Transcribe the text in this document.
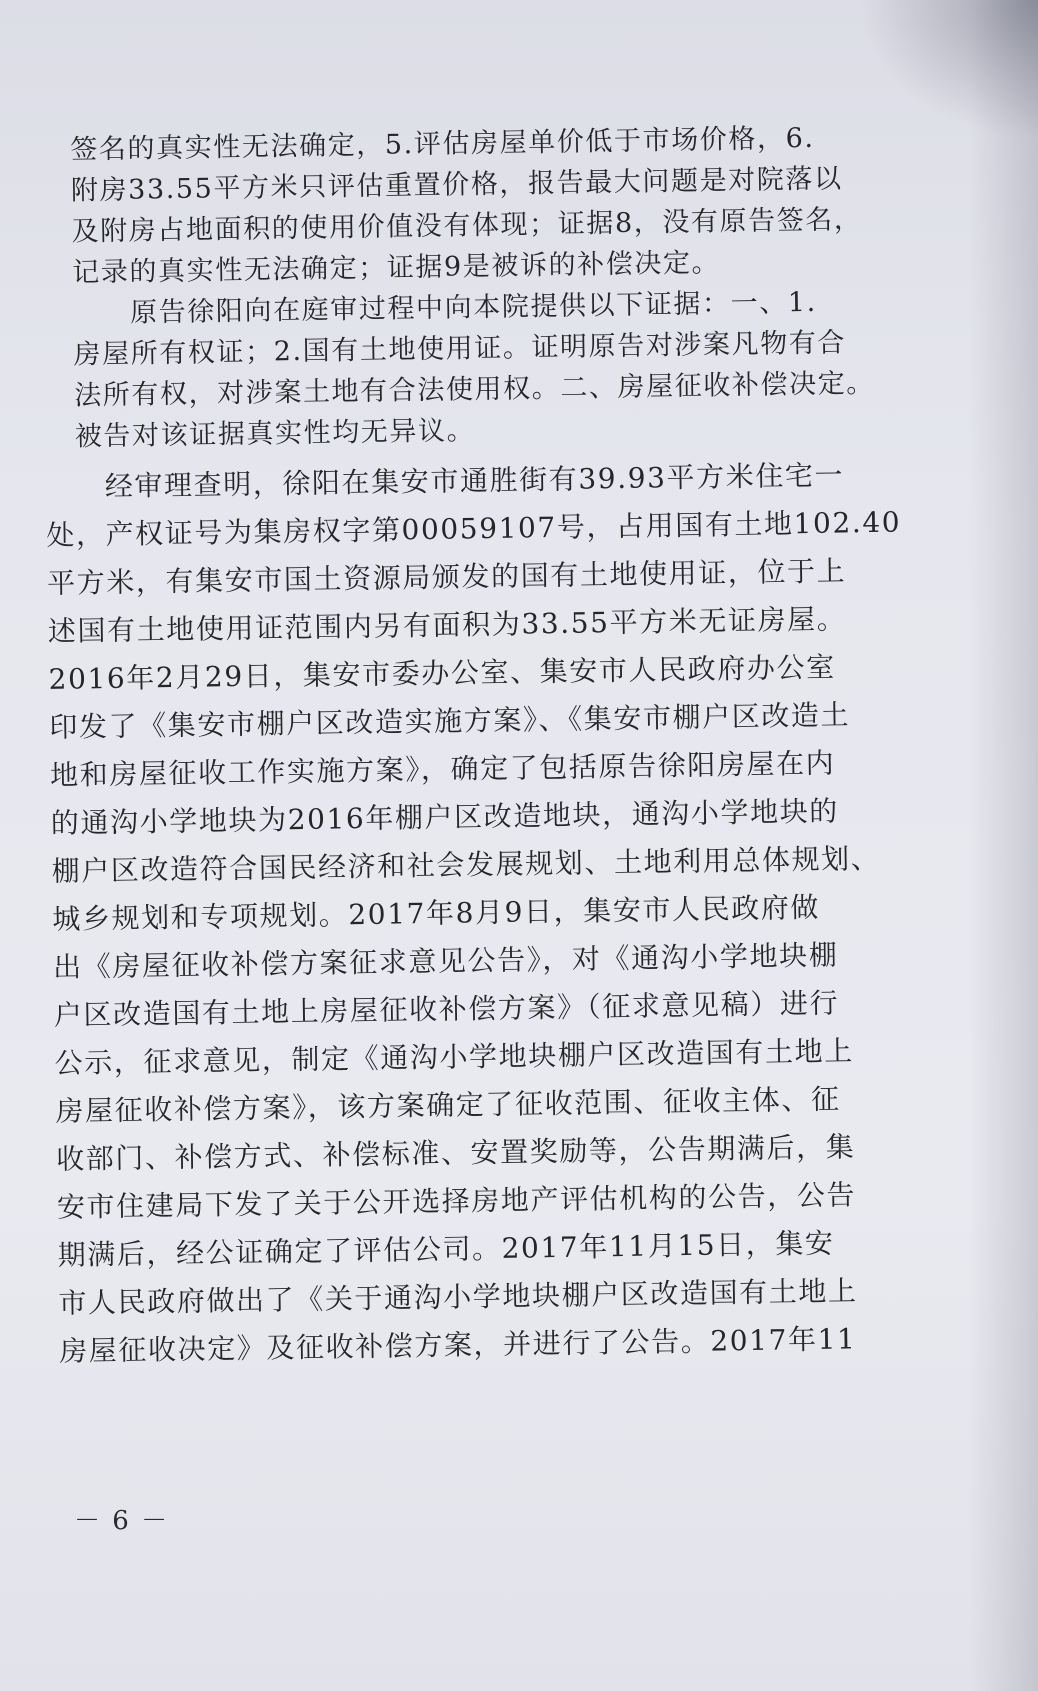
签名的真实性无法确定，5.评估房屋单价低于市场价格，6.
附房33.55平方米只评估重置价格，报告最大问题是对院落以
及附房占地面积的使用价值没有体现；证据8，没有原告签名，
记录的真实性无法确定；证据9是被诉的补偿决定。
　　原告徐阳向在庭审过程中向本院提供以下证据：一、1.
房屋所有权证；2.国有土地使用证。证明原告对涉案凡物有合
法所有权，对涉案土地有合法使用权。二、房屋征收补偿决定。
被告对该证据真实性均无异议。
　　经审理查明，徐阳在集安市通胜街有39.93平方米住宅一
处，产权证号为集房权字第00059107号，占用国有土地102.40
平方米，有集安市国土资源局颁发的国有土地使用证，位于上
述国有土地使用证范围内另有面积为33.55平方米无证房屋。
2016年2月29日，集安市委办公室、集安市人民政府办公室
印发了《集安市棚户区改造实施方案》、《集安市棚户区改造土
地和房屋征收工作实施方案》，确定了包括原告徐阳房屋在内
的通沟小学地块为2016年棚户区改造地块，通沟小学地块的
棚户区改造符合国民经济和社会发展规划、土地利用总体规划、
城乡规划和专项规划。2017年8月9日，集安市人民政府做
出《房屋征收补偿方案征求意见公告》，对《通沟小学地块棚
户区改造国有土地上房屋征收补偿方案》（征求意见稿）进行
公示，征求意见，制定《通沟小学地块棚户区改造国有土地上
房屋征收补偿方案》，该方案确定了征收范围、征收主体、征
收部门、补偿方式、补偿标准、安置奖励等，公告期满后，集
安市住建局下发了关于公开选择房地产评估机构的公告，公告
期满后，经公证确定了评估公司。2017年11月15日，集安
市人民政府做出了《关于通沟小学地块棚户区改造国有土地上
房屋征收决定》及征收补偿方案，并进行了公告。2017年11
－ 6 －
